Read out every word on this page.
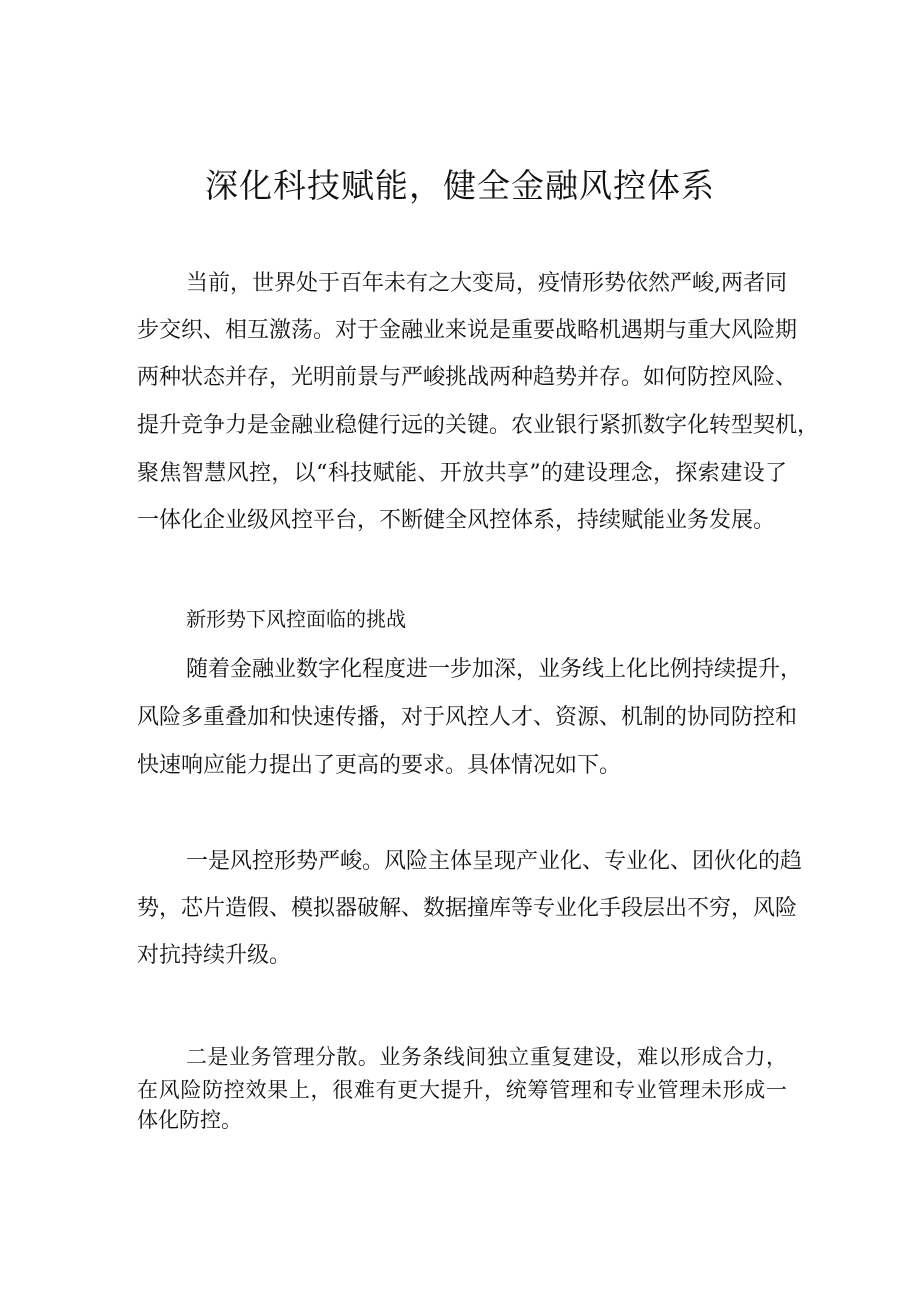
深化科技赋能，健全金融风控体系
当前，世界处于百年未有之大变局，疫情形势依然严峻,两者同
步交织、相互激荡。对于金融业来说是重要战略机遇期与重大风险期
两种状态并存，光明前景与严峻挑战两种趋势并存。如何防控风险、
提升竞争力是金融业稳健行远的关键。农业银行紧抓数字化转型契机，
聚焦智慧风控，以“科技赋能、开放共享”的建设理念，探索建设了
一体化企业级风控平台，不断健全风控体系，持续赋能业务发展。
新形势下风控面临的挑战
随着金融业数字化程度进一步加深，业务线上化比例持续提升，
风险多重叠加和快速传播，对于风控人才、资源、机制的协同防控和
快速响应能力提出了更高的要求。具体情况如下。
一是风控形势严峻。风险主体呈现产业化、专业化、团伙化的趋
势，芯片造假、模拟器破解、数据撞库等专业化手段层出不穷，风险
对抗持续升级。
二是业务管理分散。业务条线间独立重复建设，难以形成合力，
在风险防控效果上，很难有更大提升，统筹管理和专业管理未形成一
体化防控。
